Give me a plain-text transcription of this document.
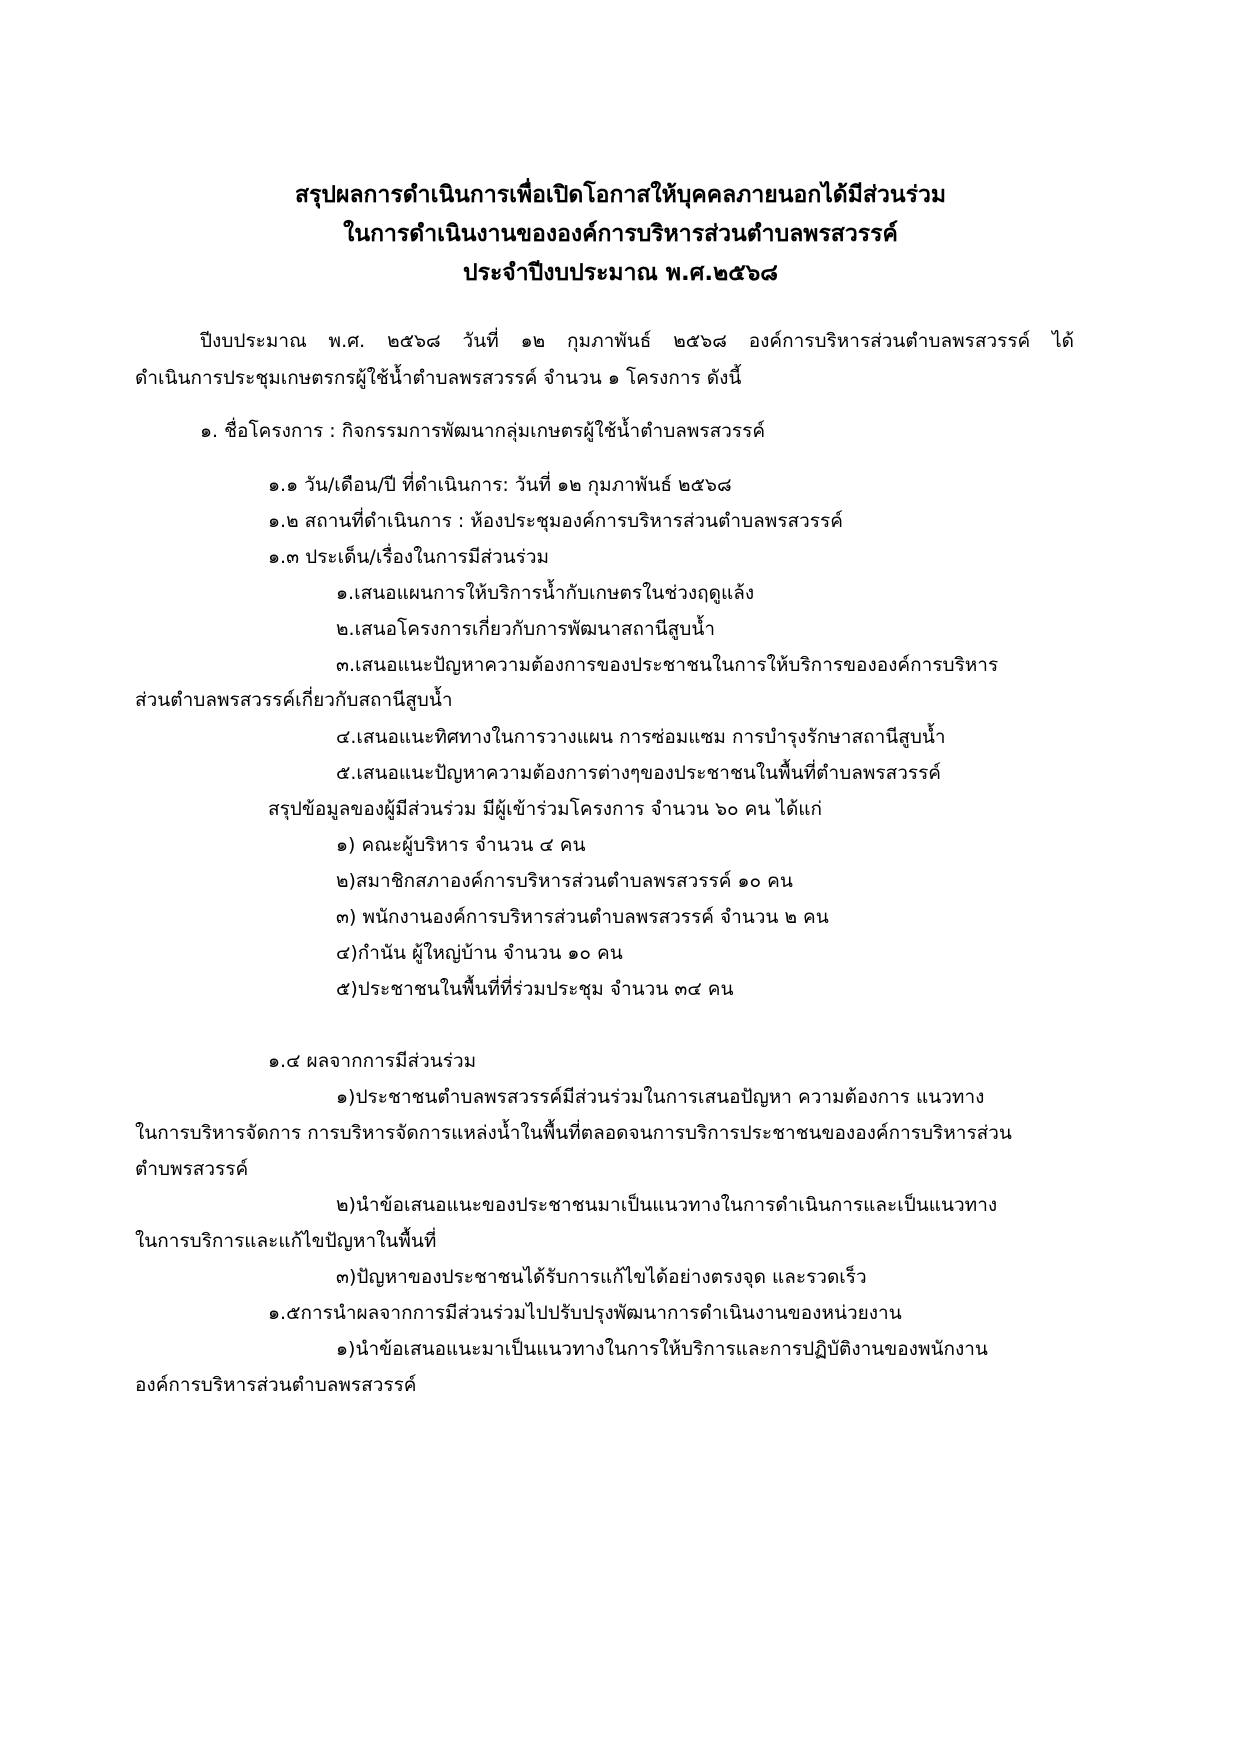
สรุปผลการดำเนินการเพื่อเปิดโอกาสให้บุคคลภายนอกได้มีส่วนร่วม
ในการดำเนินงานขององค์การบริหารส่วนตำบลพรสวรรค์
ประจำปีงบประมาณ พ.ศ.๒๕๖๘
ปีงบประมาณ พ.ศ. ๒๕๖๘ วันที่ ๑๒ กุมภาพันธ์ ๒๕๖๘ องค์การบริหารส่วนตำบลพรสวรรค์ ได้
ดำเนินการประชุมเกษตรกรผู้ใช้น้ำตำบลพรสวรรค์ จำนวน ๑ โครงการ ดังนี้
๑. ชื่อโครงการ : กิจกรรมการพัฒนากลุ่มเกษตรผู้ใช้น้ำตำบลพรสวรรค์
๑.๑ วัน/เดือน/ปี ที่ดำเนินการ: วันที่ ๑๒ กุมภาพันธ์ ๒๕๖๘
๑.๒ สถานที่ดำเนินการ : ห้องประชุมองค์การบริหารส่วนตำบลพรสวรรค์
๑.๓ ประเด็น/เรื่องในการมีส่วนร่วม
๑.เสนอแผนการให้บริการน้ำกับเกษตรในช่วงฤดูแล้ง
๒.เสนอโครงการเกี่ยวกับการพัฒนาสถานีสูบน้ำ
๓.เสนอแนะปัญหาความต้องการของประชาชนในการให้บริการขององค์การบริหาร
ส่วนตำบลพรสวรรค์เกี่ยวกับสถานีสูบน้ำ
๔.เสนอแนะทิศทางในการวางแผน การซ่อมแซม การบำรุงรักษาสถานีสูบน้ำ
๕.เสนอแนะปัญหาความต้องการต่างๆของประชาชนในพื้นที่ตำบลพรสวรรค์
สรุปข้อมูลของผู้มีส่วนร่วม มีผู้เข้าร่วมโครงการ จำนวน ๖๐ คน ได้แก่
๑) คณะผู้บริหาร จำนวน ๔ คน
๒)สมาชิกสภาองค์การบริหารส่วนตำบลพรสวรรค์ ๑๐ คน
๓) พนักงานองค์การบริหารส่วนตำบลพรสวรรค์ จำนวน ๒ คน
๔)กำนัน ผู้ใหญ่บ้าน จำนวน ๑๐ คน
๕)ประชาชนในพื้นที่ที่ร่วมประชุม จำนวน ๓๔ คน
๑.๔ ผลจากการมีส่วนร่วม
๑)ประชาชนตำบลพรสวรรค์มีส่วนร่วมในการเสนอปัญหา ความต้องการ แนวทาง
ในการบริหารจัดการ การบริหารจัดการแหล่งน้ำในพื้นที่ตลอดจนการบริการประชาชนขององค์การบริหารส่วน
ตำบพรสวรรค์
๒)นำข้อเสนอแนะของประชาชนมาเป็นแนวทางในการดำเนินการและเป็นแนวทาง
ในการบริการและแก้ไขปัญหาในพื้นที่
๓)ปัญหาของประชาชนได้รับการแก้ไขได้อย่างตรงจุด และรวดเร็ว
๑.๕การนำผลจากการมีส่วนร่วมไปปรับปรุงพัฒนาการดำเนินงานของหน่วยงาน
๑)นำข้อเสนอแนะมาเป็นแนวทางในการให้บริการและการปฏิบัติงานของพนักงาน
องค์การบริหารส่วนตำบลพรสวรรค์
